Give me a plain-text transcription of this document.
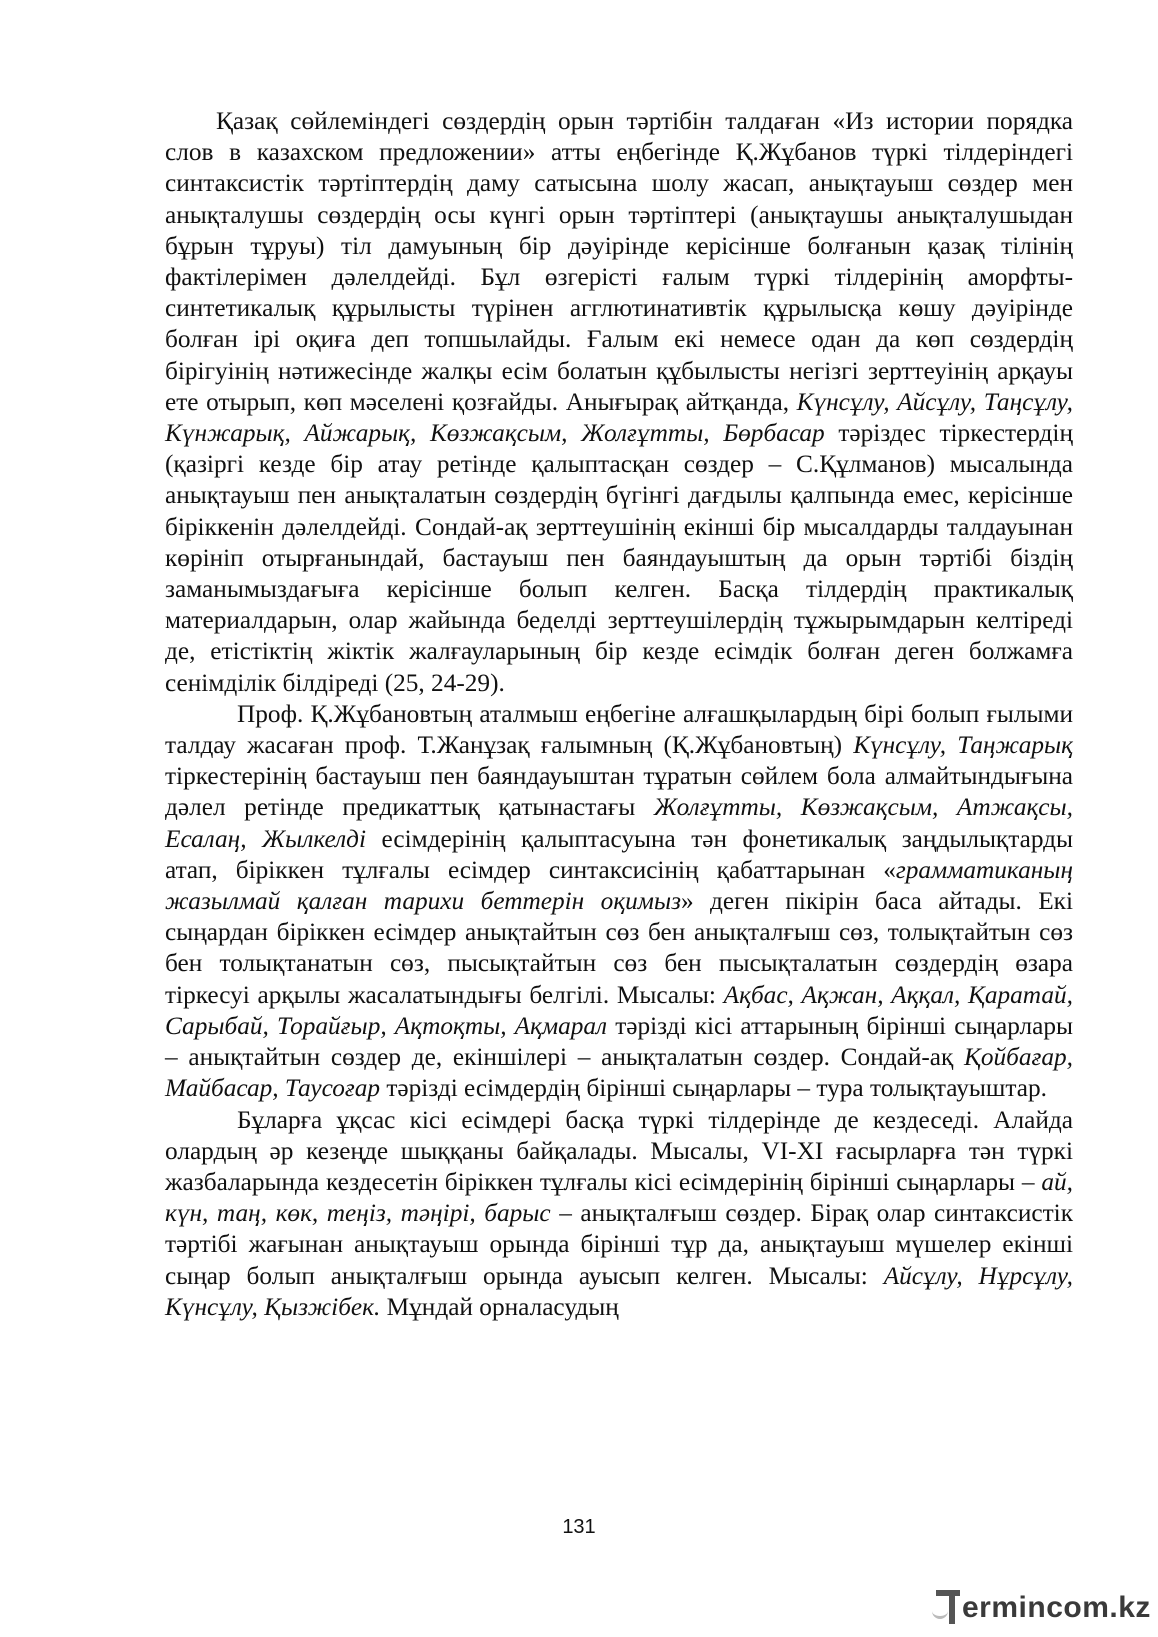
Қазақ сөйлеміндегі сөздердің орын тәртібін талдаған «Из истории порядка слов в казахском предложении» атты еңбегінде Қ.Жұбанов түркі тілдеріндегі синтаксистік тәртіптердің даму сатысына шолу жасап, анықтауыш сөздер мен анықталушы сөздердің осы күнгі орын тәртіптері (анықтаушы анықталушыдан бұрын тұруы) тіл дамуының бір дәуірінде керісінше болғанын қазақ тілінің фактілерімен дәлелдейді. Бұл өзгерісті ғалым түркі тілдерінің аморфты-синтетикалық құрылысты түрінен агглютинативтік құрылысқа көшу дәуірінде болған ірі оқиға деп топшылайды. Ғалым екі немесе одан да көп сөздердің бірігуінің нәтижесінде жалқы есім болатын құбылысты негізгі зерттеуінің арқауы ете отырып, көп мәселені қозғайды. Анығырақ айтқанда, Күнсұлу, Айсұлу, Таңсұлу, Күнжарық, Айжарық, Көзжақсым, Жолғұтты, Бөрбасар тәріздес тіркестердің (қазіргі кезде бір атау ретінде қалыптасқан сөздер – С.Құлманов) мысалында анықтауыш пен анықталатын сөздердің бүгінгі дағдылы қалпында емес, керісінше біріккенін дәлелдейді. Сондай-ақ зерттеушінің екінші бір мысалдарды талдауынан көрініп отырғанындай, бастауыш пен баяндауыштың да орын тәртібі біздің заманымыздағыға керісінше болып келген. Басқа тілдердің практикалық материалдарын, олар жайында беделді зерттеушілердің тұжырымдарын келтіреді де, етістіктің жіктік жалғауларының бір кезде есімдік болған деген болжамға сенімділік білдіреді (25, 24-29).

Проф. Қ.Жұбановтың аталмыш еңбегіне алғашқылардың бірі болып ғылыми талдау жасаған проф. Т.Жанұзақ ғалымның (Қ.Жұбановтың) Күнсұлу, Таңжарық тіркестерінің бастауыш пен баяндауыштан тұратын сөйлем бола алмайтындығына дәлел ретінде предикаттық қатынастағы Жолғұтты, Көзжақсым, Атжақсы, Есалаң, Жылкелді есімдерінің қалыптасуына тән фонетикалық заңдылықтарды атап, біріккен тұлғалы есімдер синтаксисінің қабаттарынан «грамматиканың жазылмай қалған тарихи беттерін оқимыз» деген пікірін баса айтады. Екі сыңардан біріккен есімдер анықтайтын сөз бен анықталғыш сөз, толықтайтын сөз бен толықтанатын сөз, пысықтайтын сөз бен пысықталатын сөздердің өзара тіркесуі арқылы жасалатындығы белгілі. Мысалы: Ақбас, Ақжан, Аққал, Қаратай, Сарыбай, Торайғыр, Ақтоқты, Ақмарал тәрізді кісі аттарының бірінші сыңарлары – анықтайтын сөздер де, екіншілері – анықталатын сөздер. Сондай-ақ Қойбағар, Майбасар, Таусоғар тәрізді есімдердің бірінші сыңарлары – тура толықтауыштар.

Бұларға ұқсас кісі есімдері басқа түркі тілдерінде де кездеседі. Алайда олардың әр кезеңде шыққаны байқалады. Мысалы, VI-XI ғасырларға тән түркі жазбаларында кездесетін біріккен тұлғалы кісі есімдерінің бірінші сыңарлары – ай, күн, таң, көк, теңіз, тәңірі, барыс – анықталғыш сөздер. Бірақ олар синтаксистік тәртібі жағынан анықтауыш орында бірінші тұр да, анықтауыш мүшелер екінші сыңар болып анықталғыш орында ауысып келген. Мысалы: Айсұлу, Нұрсұлу, Күнсұлу, Қызжібек. Мұндай орналасудың

131
ermincom.kz
